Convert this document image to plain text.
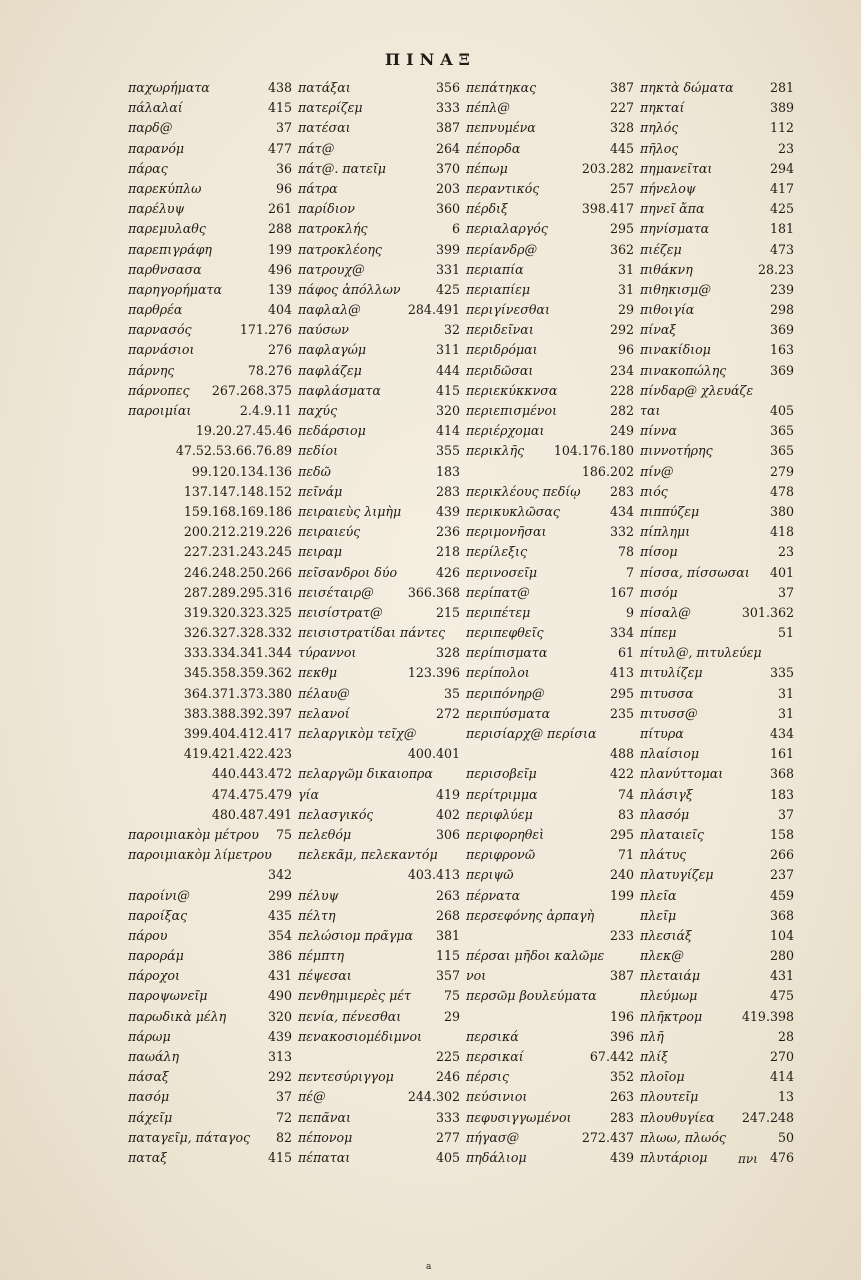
ΠΙΝΑΞ
παχωρήματα	438
πάλαλαί	415
παρδ@	37
παρανόμ	477
πάρας	36
παρεκύπλω	96
παρέλυψ	261
παρεμυλαθς	288
παρεπιγράφη	199
παρθνσασα	496
παρηγορήματα	139
παρθρέα	404
παρνασός	171.276
παρνάσιοι	276
πάρνης	78.276
πάρνοπες	267.268.375
παροιμίαι	2.4.9.11
19.20.27.45.46
47.52.53.66.76.89
99.120.134.136
137.147.148.152
159.168.169.186
200.212.219.226
227.231.243.245
246.248.250.266
287.289.295.316
319.320.323.325
326.327.328.332
333.334.341.344
345.358.359.362
364.371.373.380
383.388.392.397
399.404.412.417
419.421.422.423
440.443.472
474.475.479
480.487.491
παροιμιακὸμ μέτρου	75
παροιμιακὸμ λίμετρου
342
παροίνι@	299
παροίξας	435
πάρου	354
παροράμ	386
πάροχοι	431
παροψωνεῖμ	490
παρωδικὰ μέλη	320
πάρωμ	439
παωάλη	313
πάσαξ	292
πασόμ	37
πάχεῖμ	72
παταγεῖμ, πάταγος	82
παταξ	415
πατάξαι	356
πατερίζεμ	333
πατέσαι	387
πάτ@	264
πάτ@. πατεῖμ	370
πάτρα	203
παρίδιον	360
πατροκλής	6
πατροκλέοης	399
πατρουχ@	331
πάφος ἀπόλλων	425
παφλαλ@	284.491
παύσων	32
παφλαγώμ	311
παφλάζεμ	444
παφλάσματα	415
παχύς	320
πεδάρσιομ	414
πεδίοι	355
πεδῶ	183
πεῖνάμ	283
πειραιεὺς λιμὴμ	439
πειραιεύς	236
πειραμ	218
πεῖσανδροι δύο	426
πεισέταιρ@	366.368
πεισίστρατ@	215
πεισιστρατίδαι πάντες
τύραννοι	328
πεκθμ	123.396
πέλαυ@	35
πελανοί	272
πελαργικὸμ τεῖχ@
400.401
πελαργῶμ δικαιοπρα
γία	419
πελασγικός	402
πελεθόμ	306
πελεκᾶμ, πελεκαντόμ
403.413
πέλυψ	263
πέλτη	268
πελώσιομ πρᾶγμα	381
πέμπτη	115
πέψεσαι	357
πενθημιμερὲς μέτ	75
πενία, πένεσθαι	29
πενακοσιομέδιμνοι
225
πεντεσύριγγομ	246
πέ@	244.302
πεπᾶναι	333
πέπονομ	277
πέπαται	405
πεπάτηκας	387
πέπλ@	227
πεπνυμένα	328
πέπορδα	445
πέπωμ	203.282
περαντικός	257
πέρδιξ	398.417
περιαλαργός	295
περίανδρ@	362
περιαπία	31
περιαπίεμ	31
περιγίνεσθαι	29
περιδεῖναι	292
περιδρόμαι	96
περιδῶσαι	234
περιεκύκκνσα	228
περιεπισμένοι	282
περιέρχομαι	249
περικλῆς	104.176.180
186.202
περικλέους πεδίῳ	283
περικυκλῶσας	434
περιμονῆσαι	332
περίλεξις	78
περινοσεῖμ	7
περίπατ@	167
περιπέτεμ	9
περιπεφθεῖς	334
περίπισματα	61
περίπολοι	413
περιπόνηρ@	295
περιπύσματα	235
περισίαρχ@ περίσια
488
περισοβεῖμ	422
περίτριμμα	74
περιφλύεμ	83
περιφορηθεὶ	295
περιφρονῶ	71
περιψῶ	240
πέρνατα	199
περσεφόνης ἁρπαγὴ
233
πέρσαι μῆδοι καλῶμε
νοι	387
περσῶμ βουλεύματα
196
περσικά	396
περσικαί	67.442
πέρσις	352
πεύσινιοι	263
πεφυσιγγωμένοι	283
πήγασ@	272.437
πηδάλιομ	439
πηκτὰ δώματα	281
πηκταί	389
πηλός	112
πῆλος	23
πημανεῖται	294
πήνελοψ	417
πηνεῖ ἄπα	425
πηνίσματα	181
πιέζεμ	473
πιθάκνη	28.23
πιθηκισμ@	239
πιθοιγία	298
πίναξ	369
πινακίδιομ	163
πινακοπώλης	369
πίνδαρ@ χλευάζε
ται	405
πίννα	365
πιννοτήρης	365
πίν@	279
πιός	478
πιππύζεμ	380
πίπλημι	418
πίσομ	23
πίσσα, πίσσωσαι	401
πισόμ	37
πίσαλ@	301.362
πίπεμ	51
πίτυλ@, πιτυλεύεμ
πιτυλίζεμ	335
πιτυσσα	31
πιτυσσ@	31
πίτυρα	434
πλαίσιομ	161
πλανύττομαι	368
πλάσιγξ	183
πλασόμ	37
πλαταιεῖς	158
πλάτυς	266
πλατυγίζεμ	237
πλεῖα	459
πλεῖμ	368
πλεσιάξ	104
πλεκ@	280
πλεταιάμ	431
πλεύμωμ	475
πλῆκτρομ	419.398
πλῆ	28
πλίξ	270
πλοῖομ	414
πλουτεῖμ	13
πλουθυγίεα	247.248
πλωω, πλωός	50
πλυτάριομ	476
πνι
a
